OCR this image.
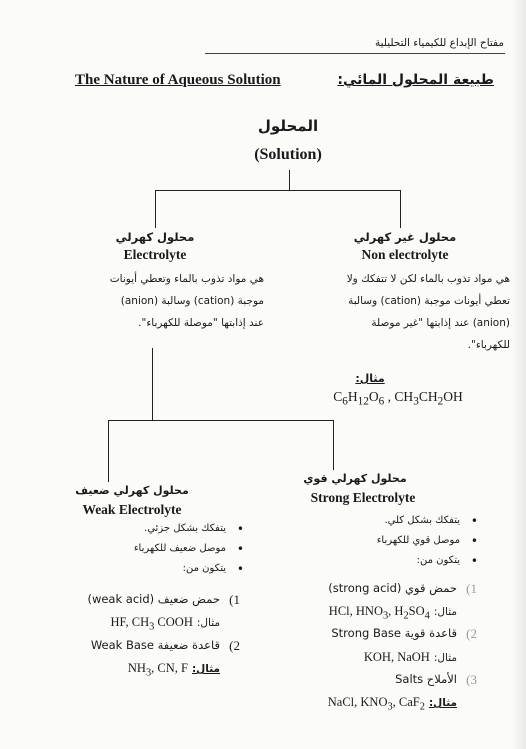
مفتاح الإبداع للكيمياء التحليلية
The Nature of Aqueous Solution	طبيعة المحلول المائي:
المحلول
(Solution)
محلول كهرلي
Electrolyte
هي مواد تذوب بالماء وتعطي أيونات
موجبة (cation) وسالبة (anion)
عند إذابتها "موصلة للكهرباء".
محلول غير كهرلي
Non electrolyte
هي مواد تذوب بالماء لكن لا تتفكك ولا
تعطي أيونات موجبة (cation) وسالبة
(anion) عند إذابتها "غير موصلة
للكهرباء".
مثال:
$C_6H_{12}O_6$ , $CH_3CH_2OH$
محلول كهرلي ضعيف
Weak Electrolyte
• يتفكك بشكل جزئي.
• موصل ضعيف للكهرباء
• يتكون من:
1)
حمض ضعيف (weak acid)
مثال: HF, $CH_3$ COOH
2)
قاعدة ضعيفة Weak Base
مثال: $NH_3$, CN, F
محلول كهرلي قوي
Strong Electrolyte
• يتفكك بشكل كلي.
• موصل قوي للكهرباء
• يتكون من:
1)
حمض قوي (strong acid)
مثال: HCl, $HNO_3$, $H_2SO_4$
2)
قاعدة قوية Strong Base
مثال: KOH, NaOH
3)
الأملاح Salts
مثال: NaCl, $KNO_3$, CaF$_2$
